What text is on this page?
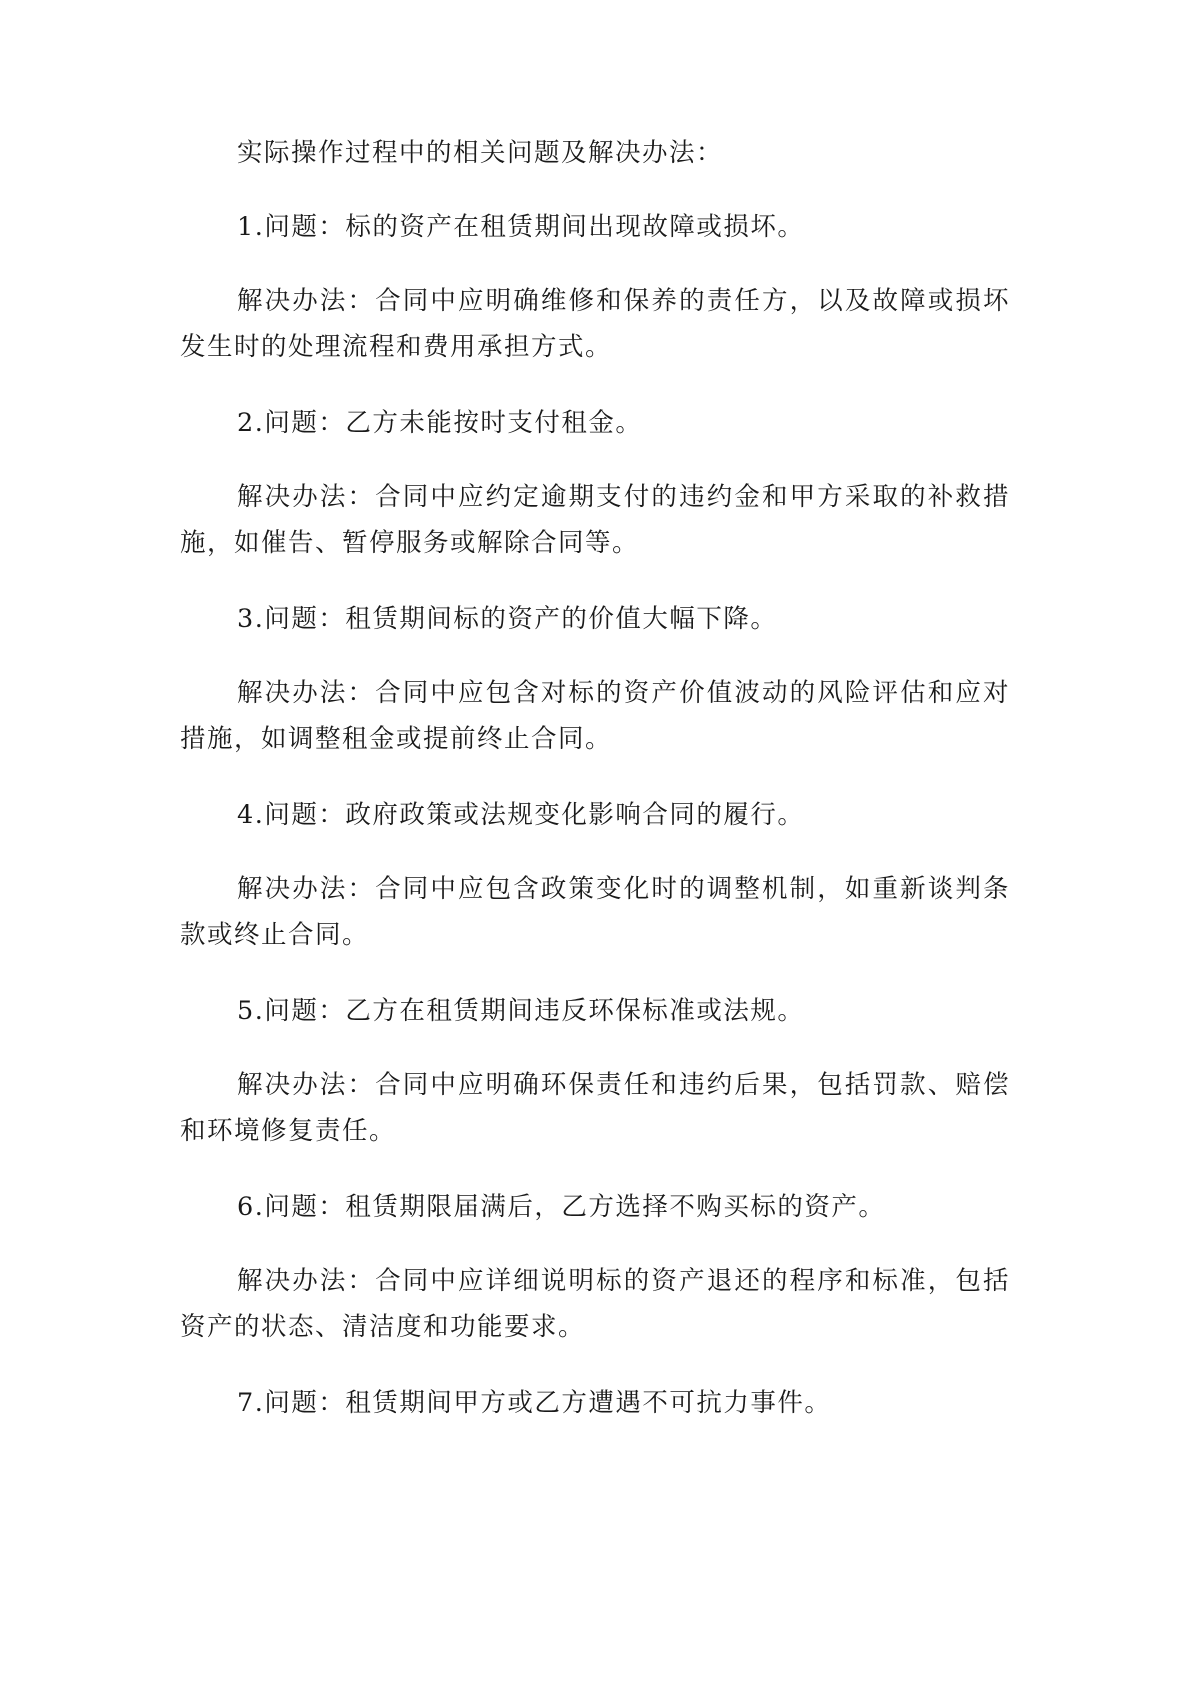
实际操作过程中的相关问题及解决办法：

1.问题：标的资产在租赁期间出现故障或损坏。

解决办法：合同中应明确维修和保养的责任方，以及故障或损坏发生时的处理流程和费用承担方式。

2.问题：乙方未能按时支付租金。

解决办法：合同中应约定逾期支付的违约金和甲方采取的补救措施，如催告、暂停服务或解除合同等。

3.问题：租赁期间标的资产的价值大幅下降。

解决办法：合同中应包含对标的资产价值波动的风险评估和应对措施，如调整租金或提前终止合同。

4.问题：政府政策或法规变化影响合同的履行。

解决办法：合同中应包含政策变化时的调整机制，如重新谈判条款或终止合同。

5.问题：乙方在租赁期间违反环保标准或法规。

解决办法：合同中应明确环保责任和违约后果，包括罚款、赔偿和环境修复责任。

6.问题：租赁期限届满后，乙方选择不购买标的资产。

解决办法：合同中应详细说明标的资产退还的程序和标准，包括资产的状态、清洁度和功能要求。

7.问题：租赁期间甲方或乙方遭遇不可抗力事件。
